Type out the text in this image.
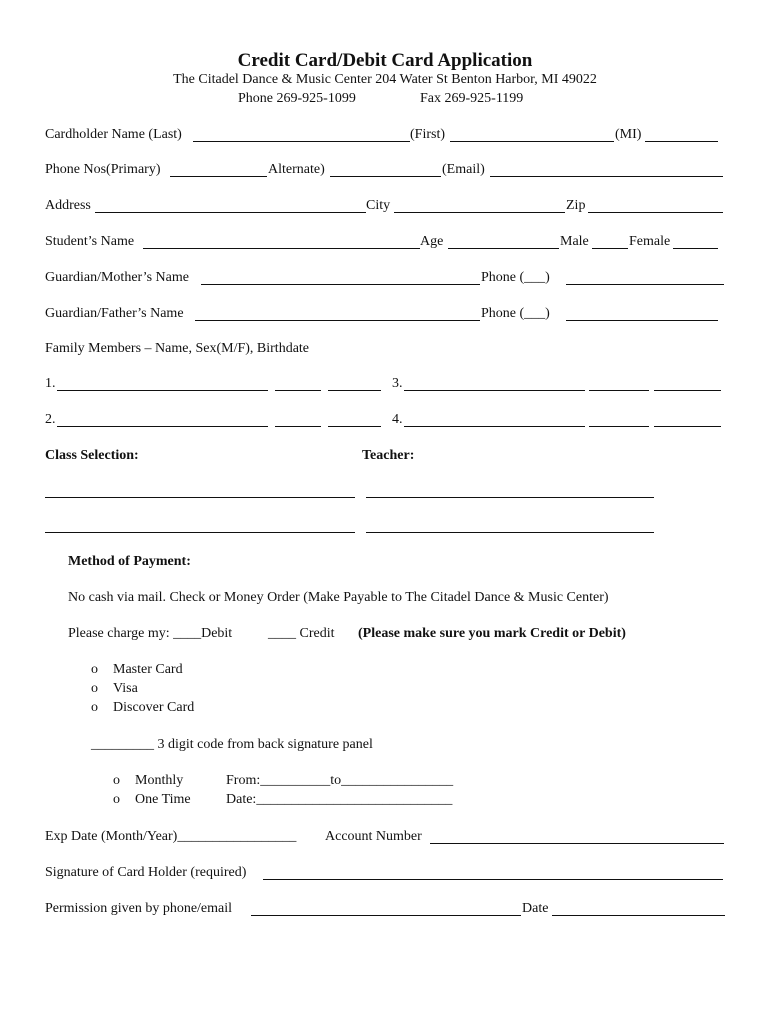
Credit Card/Debit Card Application
The Citadel Dance & Music Center 204 Water St Benton Harbor, MI 49022
Phone 269-925-1099	Fax 269-925-1199
Cardholder Name (Last)	(First)	(MI)
Phone Nos(Primary)	Alternate)	(Email)
Address	City	Zip
Student’s Name	Age	Male	Female
Guardian/Mother’s Name	Phone (___)
Guardian/Father’s Name	Phone (___)
Family Members – Name, Sex(M/F), Birthdate
1.	3.
2.	4.
Class Selection:	Teacher:
Method of Payment:
No cash via mail. Check or Money Order (Make Payable to The Citadel Dance & Music Center)
Please charge my: ____Debit	____ Credit (Please make sure you mark Credit or Debit)
o Master Card
o Visa
o Discover Card
_________ 3 digit code from back signature panel
o Monthly	From:__________to________________
o One Time	Date:____________________________
Exp Date (Month/Year)_________________ Account Number
Signature of Card Holder (required)
Permission given by phone/email	Date
